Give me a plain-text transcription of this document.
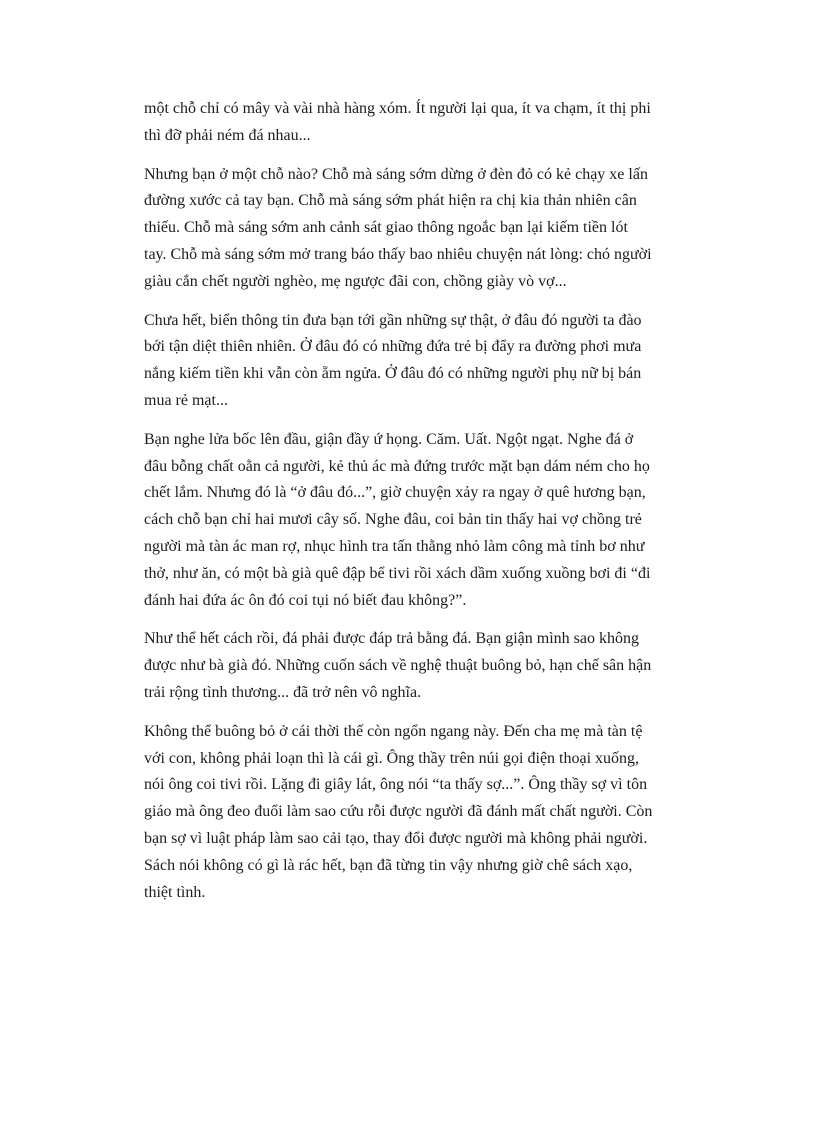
một chỗ chỉ có mây và vài nhà hàng xóm. Ít người lại qua, ít va chạm, ít thị phi
thì đỡ phải ném đá nhau...

Nhưng bạn ở một chỗ nào? Chỗ mà sáng sớm dừng ở đèn đỏ có kẻ chạy xe lấn
đường xước cả tay bạn. Chỗ mà sáng sớm phát hiện ra chị kia thản nhiên cân
thiếu. Chỗ mà sáng sớm anh cảnh sát giao thông ngoắc bạn lại kiếm tiền lót
tay. Chỗ mà sáng sớm mở trang báo thấy bao nhiêu chuyện nát lòng: chó người
giàu cắn chết người nghèo, mẹ ngược đãi con, chồng giày vò vợ...

Chưa hết, biển thông tin đưa bạn tới gần những sự thật, ở đâu đó người ta đào
bới tận diệt thiên nhiên. Ở đâu đó có những đứa trẻ bị đẩy ra đường phơi mưa
nắng kiếm tiền khi vẫn còn ẵm ngửa. Ở đâu đó có những người phụ nữ bị bán
mua rẻ mạt...

Bạn nghe lửa bốc lên đầu, giận đầy ứ họng. Căm. Uất. Ngột ngạt. Nghe đá ở
đâu bỗng chất oằn cả người, kẻ thủ ác mà đứng trước mặt bạn dám ném cho họ
chết lắm. Nhưng đó là “ở đâu đó...”, giờ chuyện xảy ra ngay ở quê hương bạn,
cách chỗ bạn chỉ hai mươi cây số. Nghe đâu, coi bản tin thấy hai vợ chồng trẻ
người mà tàn ác man rợ, nhục hình tra tấn thằng nhỏ làm công mà tỉnh bơ như
thở, như ăn, có một bà già quê đập bể tivi rồi xách dầm xuống xuồng bơi đi “đi
đánh hai đứa ác ôn đó coi tụi nó biết đau không?”.

Như thể hết cách rồi, đá phải được đáp trả bằng đá. Bạn giận mình sao không
được như bà già đó. Những cuốn sách về nghệ thuật buông bỏ, hạn chế sân hận
trải rộng tình thương... đã trở nên vô nghĩa.

Không thể buông bỏ ở cái thời thế còn ngổn ngang này. Đến cha mẹ mà tàn tệ
với con, không phải loạn thì là cái gì. Ông thầy trên núi gọi điện thoại xuống,
nói ông coi tivi rồi. Lặng đi giây lát, ông nói “ta thấy sợ...”. Ông thầy sợ vì tôn
giáo mà ông đeo đuổi làm sao cứu rỗi được người đã đánh mất chất người. Còn
bạn sợ vì luật pháp làm sao cải tạo, thay đổi được người mà không phải người.
Sách nói không có gì là rác hết, bạn đã từng tin vậy nhưng giờ chê sách xạo,
thiệt tình.
